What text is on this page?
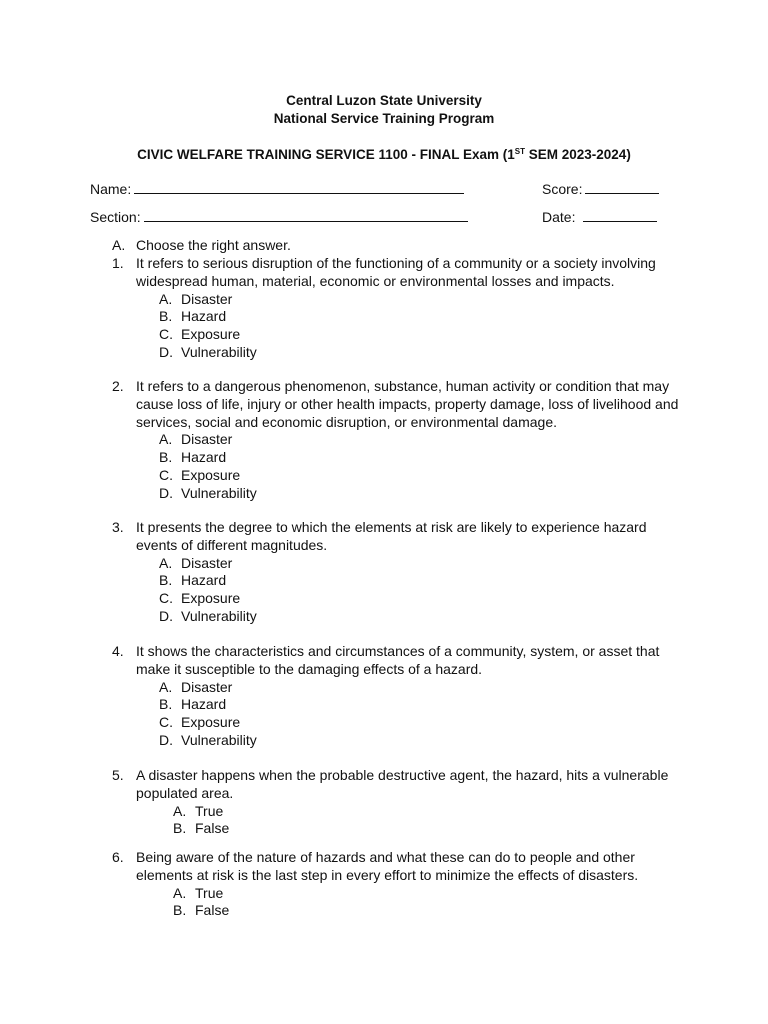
Central Luzon State University
National Service Training Program
CIVIC WELFARE TRAINING SERVICE 1100 - FINAL Exam (1ST SEM 2023-2024)
Name:	Score:
Section:	Date:
A. Choose the right answer.
1. It refers to serious disruption of the functioning of a community or a society involving
widespread human, material, economic or environmental losses and impacts.
A. Disaster
B. Hazard
C. Exposure
D. Vulnerability
2. It refers to a dangerous phenomenon, substance, human activity or condition that may
cause loss of life, injury or other health impacts, property damage, loss of livelihood and
services, social and economic disruption, or environmental damage.
A. Disaster
B. Hazard
C. Exposure
D. Vulnerability
3. It presents the degree to which the elements at risk are likely to experience hazard
events of different magnitudes.
A. Disaster
B. Hazard
C. Exposure
D. Vulnerability
4. It shows the characteristics and circumstances of a community, system, or asset that
make it susceptible to the damaging effects of a hazard.
A. Disaster
B. Hazard
C. Exposure
D. Vulnerability
5. A disaster happens when the probable destructive agent, the hazard, hits a vulnerable
populated area.
A. True
B. False
6. Being aware of the nature of hazards and what these can do to people and other
elements at risk is the last step in every effort to minimize the effects of disasters.
A. True
B. False
